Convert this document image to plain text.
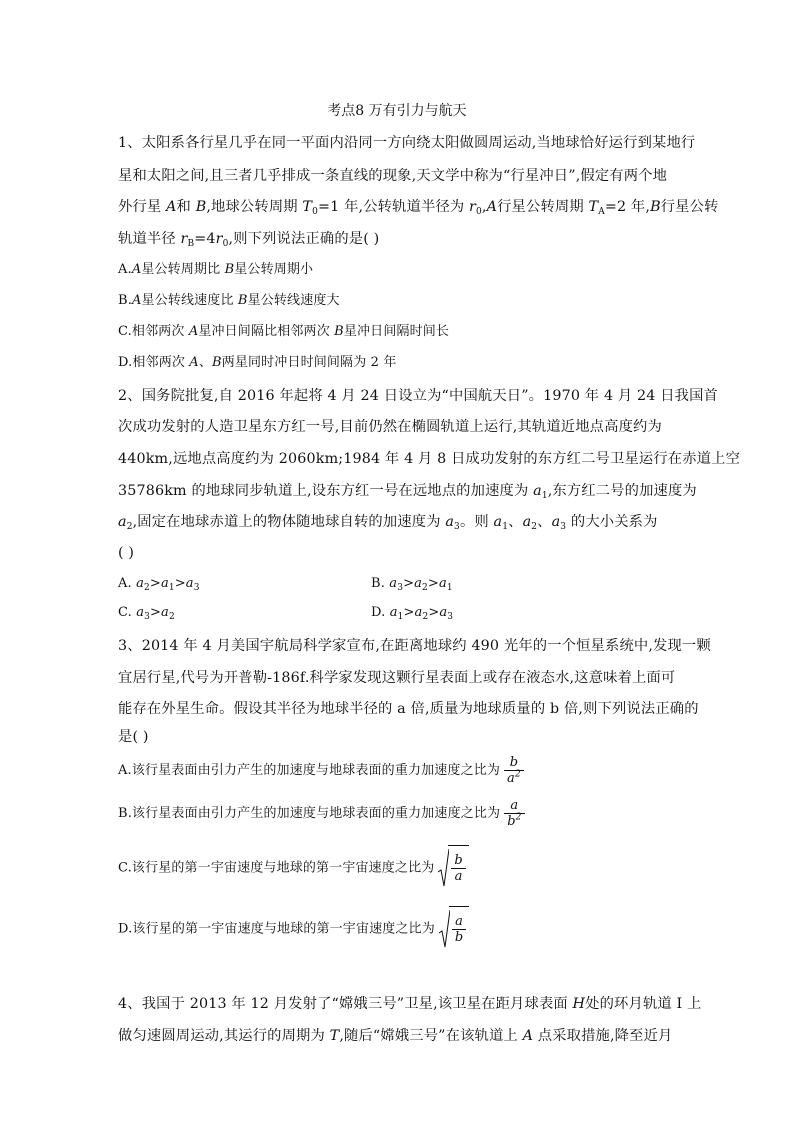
考点8 万有引力与航天
1、太阳系各行星几乎在同一平面内沿同一方向绕太阳做圆周运动,当地球恰好运行到某地行
星和太阳之间,且三者几乎排成一条直线的现象,天文学中称为“行星冲日”,假定有两个地
外行星 A和 B,地球公转周期 $T_0=1$ 年,公转轨道半径为 $r_0,A$行星公转周期 $T_A=2$ 年,B行星公转
轨道半径 $r_B=4r_0$,则下列说法正确的是( )
A.A星公转周期比 B星公转周期小
B.A星公转线速度比 B星公转线速度大
C.相邻两次 A星冲日间隔比相邻两次 B星冲日间隔时间长
D.相邻两次 A、B两星同时冲日时间间隔为 2 年
2、国务院批复,自 2016 年起将 4 月 24 日设立为“中国航天日”。1970 年 4 月 24 日我国首
次成功发射的人造卫星东方红一号,目前仍然在椭圆轨道上运行,其轨道近地点高度约为
440km,远地点高度约为 2060km;1984 年 4 月 8 日成功发射的东方红二号卫星运行在赤道上空
35786km 的地球同步轨道上,设东方红一号在远地点的加速度为 $a_1$,东方红二号的加速度为
$a_2$,固定在地球赤道上的物体随地球自转的加速度为 $a_3$。则 $a_1$、$a_2$、$a_3$ 的大小关系为
( )
A. $a_2>a_1>a_3$	B. $a_3>a_2>a_1$
C. $a_3>a_2$	D. $a_1>a_2>a_3$
3、2014 年 4 月美国宇航局科学家宣布,在距离地球约 490 光年的一个恒星系统中,发现一颗
宜居行星,代号为开普勒-186f.科学家发现这颗行星表面上或存在液态水,这意味着上面可
能存在外星生命。假设其半径为地球半径的 a 倍,质量为地球质量的 b 倍,则下列说法正确的
是( )
A.该行星表面由引力产生的加速度与地球表面的重力加速度之比为 $\frac{b}{a^2}$
B.该行星表面由引力产生的加速度与地球表面的重力加速度之比为 $\frac{a}{b^2}$
C.该行星的第一宇宙速度与地球的第一宇宙速度之比为 $\frac{b}{a}$
D.该行星的第一宇宙速度与地球的第一宇宙速度之比为 $\frac{a}{b}$
4、我国于 2013 年 12 月发射了“嫦娥三号”卫星,该卫星在距月球表面 H处的环月轨道 Ⅰ 上
做匀速圆周运动,其运行的周期为 T,随后“嫦娥三号”在该轨道上 A 点采取措施,降至近月
